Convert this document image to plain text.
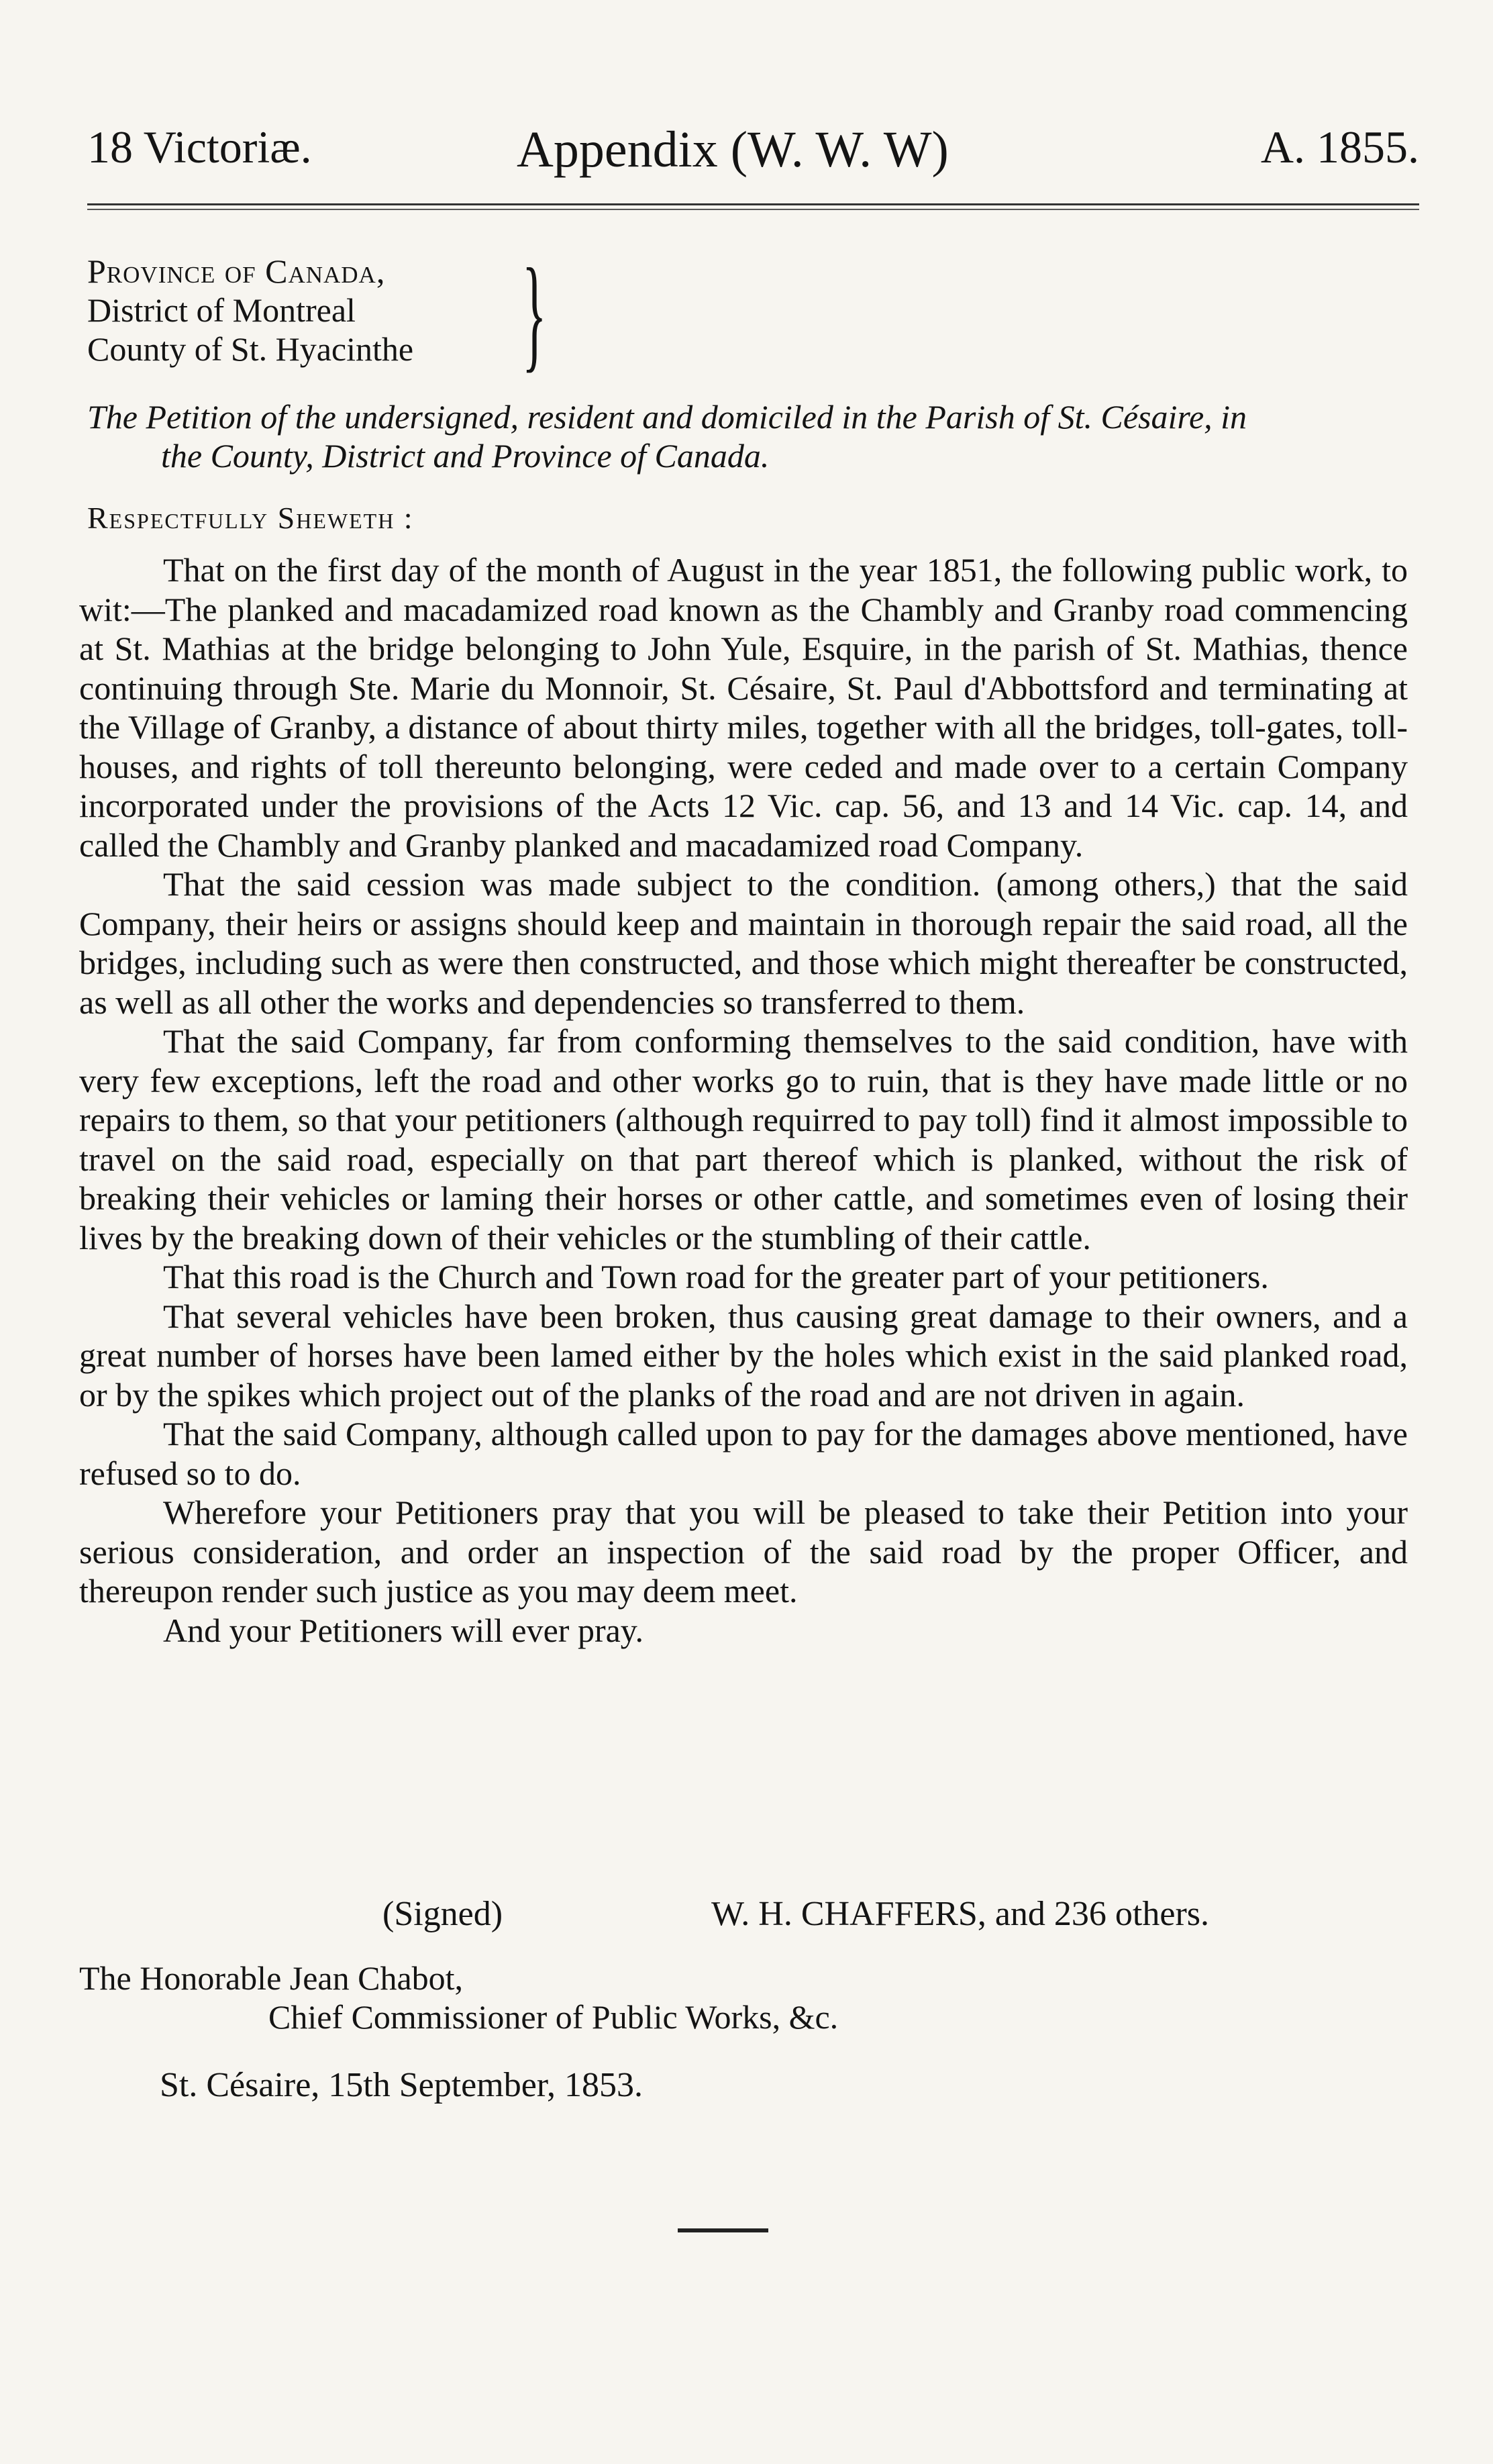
18 Victoriæ.	Appendix (W. W. W)	A. 1855.
Province of Canada,
District of Montreal
County of St. Hyacinthe }
The Petition of the undersigned, resident and domiciled in the Parish of St. Césaire, in
the County, District and Province of Canada.
Respectfully Sheweth :

That on the first day of the month of August in the year 1851, the following public work, to wit:—The planked and macadamized road known as the Chambly and Granby road commencing at St. Mathias at the bridge belonging to John Yule, Esquire, in the parish of St. Mathias, thence continuing through Ste. Marie du Monnoir, St. Césaire, St. Paul d'Abbottsford and terminating at the Village of Granby, a distance of about thirty miles, together with all the bridges, toll-gates, toll-houses, and rights of toll thereunto belonging, were ceded and made over to a certain Company incorporated under the provisions of the Acts 12 Vic. cap. 56, and 13 and 14 Vic. cap. 14, and called the Chambly and Granby planked and macadamized road Company.

That the said cession was made subject to the condition. (among others,) that the said Company, their heirs or assigns should keep and maintain in thorough repair the said road, all the bridges, including such as were then constructed, and those which might thereafter be constructed, as well as all other the works and dependencies so transferred to them.

That the said Company, far from conforming themselves to the said condition, have with very few exceptions, left the road and other works go to ruin, that is they have made little or no repairs to them, so that your petitioners (although requirred to pay toll) find it almost impossible to travel on the said road, especially on that part thereof which is planked, without the risk of breaking their vehicles or laming their horses or other cattle, and sometimes even of losing their lives by the breaking down of their vehicles or the stumbling of their cattle.

That this road is the Church and Town road for the greater part of your petitioners.

That several vehicles have been broken, thus causing great damage to their owners, and a great number of horses have been lamed either by the holes which exist in the said planked road, or by the spikes which project out of the planks of the road and are not driven in again.

That the said Company, although called upon to pay for the damages above mentioned, have refused so to do.

Wherefore your Petitioners pray that you will be pleased to take their Petition into your serious consideration, and order an inspection of the said road by the proper Officer, and thereupon render such justice as you may deem meet.

And your Petitioners will ever pray.

(Signed)	W. H. CHAFFERS, and 236 others.
The Honorable Jean Chabot,
Chief Commissioner of Public Works, &c.
St. Césaire, 15th September, 1853.
